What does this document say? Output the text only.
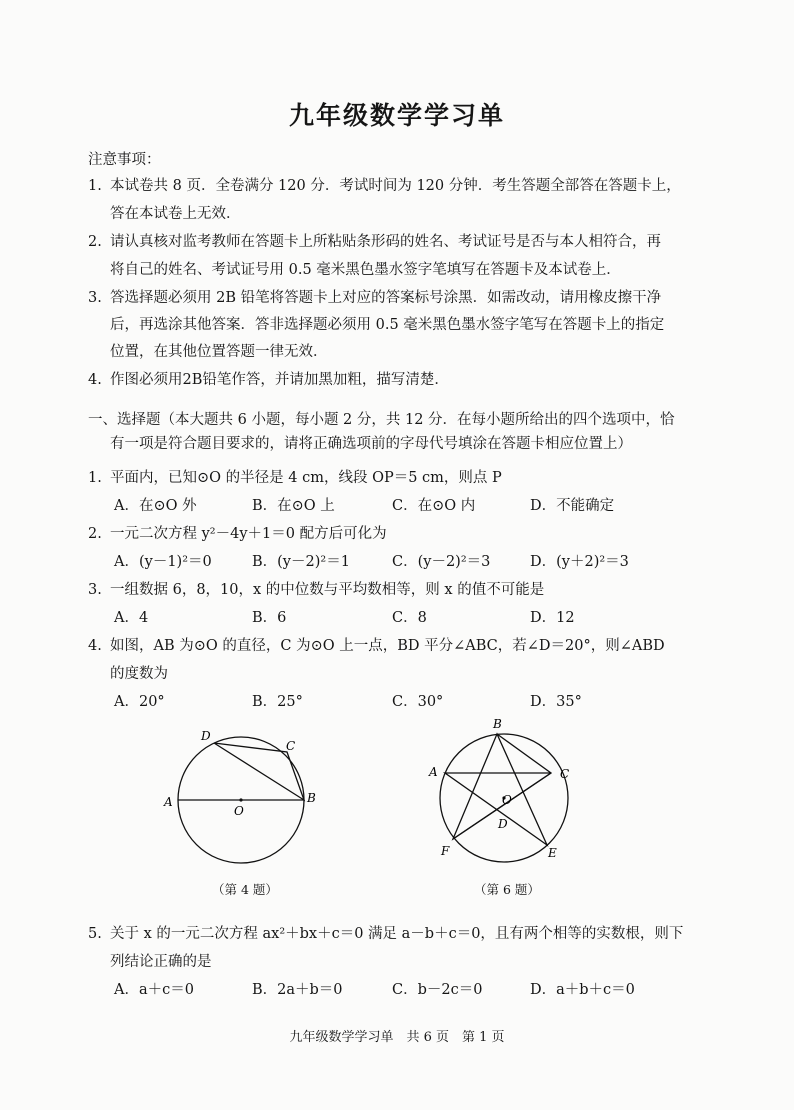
九年级数学学习单
注意事项：
1. 本试卷共 8 页．全卷满分 120 分．考试时间为 120 分钟．考生答题全部答在答题卡上，
答在本试卷上无效．
2. 请认真核对监考教师在答题卡上所粘贴条形码的姓名、考试证号是否与本人相符合，再
将自己的姓名、考试证号用 0.5 毫米黑色墨水签字笔填写在答题卡及本试卷上．
3. 答选择题必须用 2B 铅笔将答题卡上对应的答案标号涂黑．如需改动，请用橡皮擦干净
后，再选涂其他答案．答非选择题必须用 0.5 毫米黑色墨水签字笔写在答题卡上的指定
位置，在其他位置答题一律无效．
4. 作图必须用2B铅笔作答，并请加黑加粗，描写清楚．
一、选择题（本大题共 6 小题，每小题 2 分，共 12 分．在每小题所给出的四个选项中，恰
有一项是符合题目要求的，请将正确选项前的字母代号填涂在答题卡相应位置上）
1. 平面内，已知⊙O 的半径是 4 cm，线段 OP＝5 cm，则点 P
A．在⊙O 外	B．在⊙O 上	C．在⊙O 内	D．不能确定
2. 一元二次方程 y²－4y＋1＝0 配方后可化为
A．(y－1)²＝0	B．(y－2)²＝1	C．(y－2)²＝3	D．(y＋2)²＝3
3. 一组数据 6，8，10，x 的中位数与平均数相等，则 x 的值不可能是
A．4	B．6	C．8	D．12
4. 如图，AB 为⊙O 的直径，C 为⊙O 上一点，BD 平分∠ABC，若∠D＝20°，则∠ABD
的度数为
A．20°	B．25°	C．30°	D．35°
A	B
C
D
O
（第 4 题）
B
C
A
F	E
D
O
（第 6 题）
5. 关于 x 的一元二次方程 ax²＋bx＋c＝0 满足 a－b＋c＝0，且有两个相等的实数根，则下
列结论正确的是
A．a＋c＝0	B．2a＋b＝0	C．b－2c＝0	D．a＋b＋c＝0
九年级数学学习单　共 6 页　第 1 页
